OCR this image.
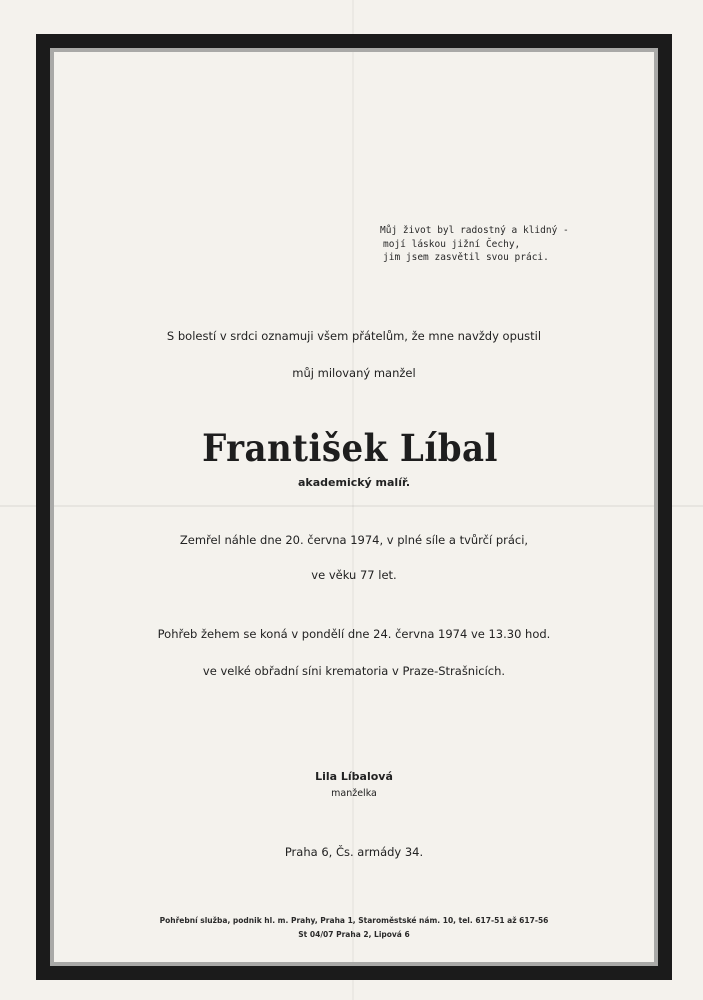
Můj život byl radostný a klidný -
mojí láskou jižní Čechy,
jim jsem zasvětil svou práci.
S bolestí v srdci oznamuji všem přátelům, že mne navždy opustil
můj milovaný manžel
František Líbal
akademický malíř.
Zemřel náhle dne 20. června 1974, v plné síle a tvůrčí práci,
ve věku 77 let.
Pohřeb žehem se koná v pondělí dne 24. června 1974 ve 13.30 hod.
ve velké obřadní síni krematoria v Praze-Strašnicích.
Lila Líbalová
manželka
Praha 6, Čs. armády 34.
Pohřební služba, podnik hl. m. Prahy, Praha 1, Staroměstské nám. 10, tel. 617-51 až 617-56
St 04/07 Praha 2, Lipová 6
